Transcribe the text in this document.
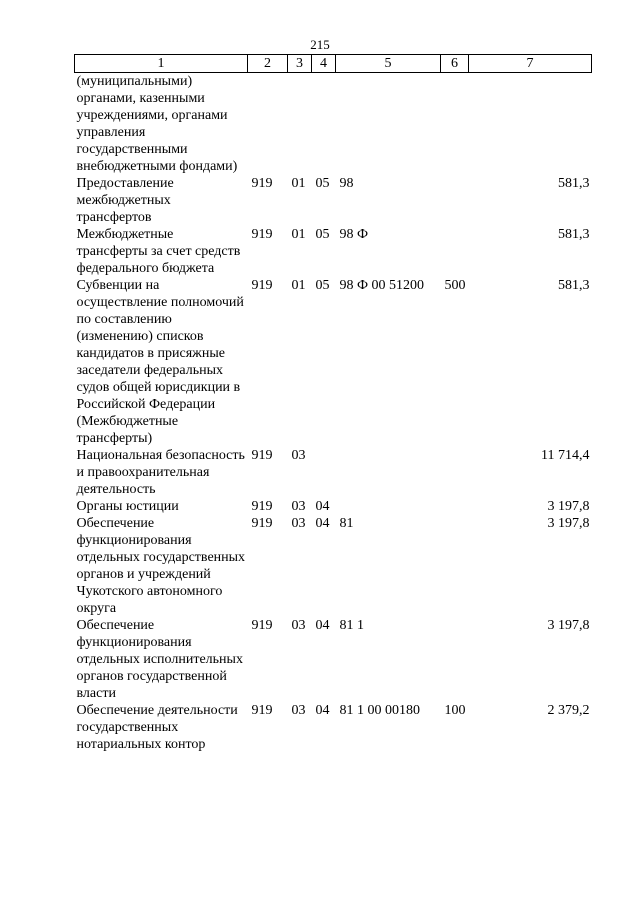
215
1	2	3	4	5	6	7
(муниципальными) органами, казенными учреждениями, органами управления государственными внебюджетными фондами)						
Предоставление межбюджетных трансфертов	919	01	05	98		581,3
Межбюджетные трансферты за счет средств федерального бюджета	919	01	05	98 Ф		581,3
Субвенции на осуществление полномочий по составлению (изменению) списков кандидатов в присяжные заседатели федеральных судов общей юрисдикции в Российской Федерации (Межбюджетные трансферты)	919	01	05	98 Ф 00 51200	500	581,3
Национальная безопасность и правоохранительная деятельность	919	03				11 714,4
Органы юстиции	919	03	04			3 197,8
Обеспечение функционирования отдельных государственных органов и учреждений Чукотского автономного округа	919	03	04	81		3 197,8
Обеспечение функционирования отдельных исполнительных органов государственной власти	919	03	04	81 1		3 197,8
Обеспечение деятельности государственных нотариальных контор	919	03	04	81 1 00 00180	100	2 379,2
